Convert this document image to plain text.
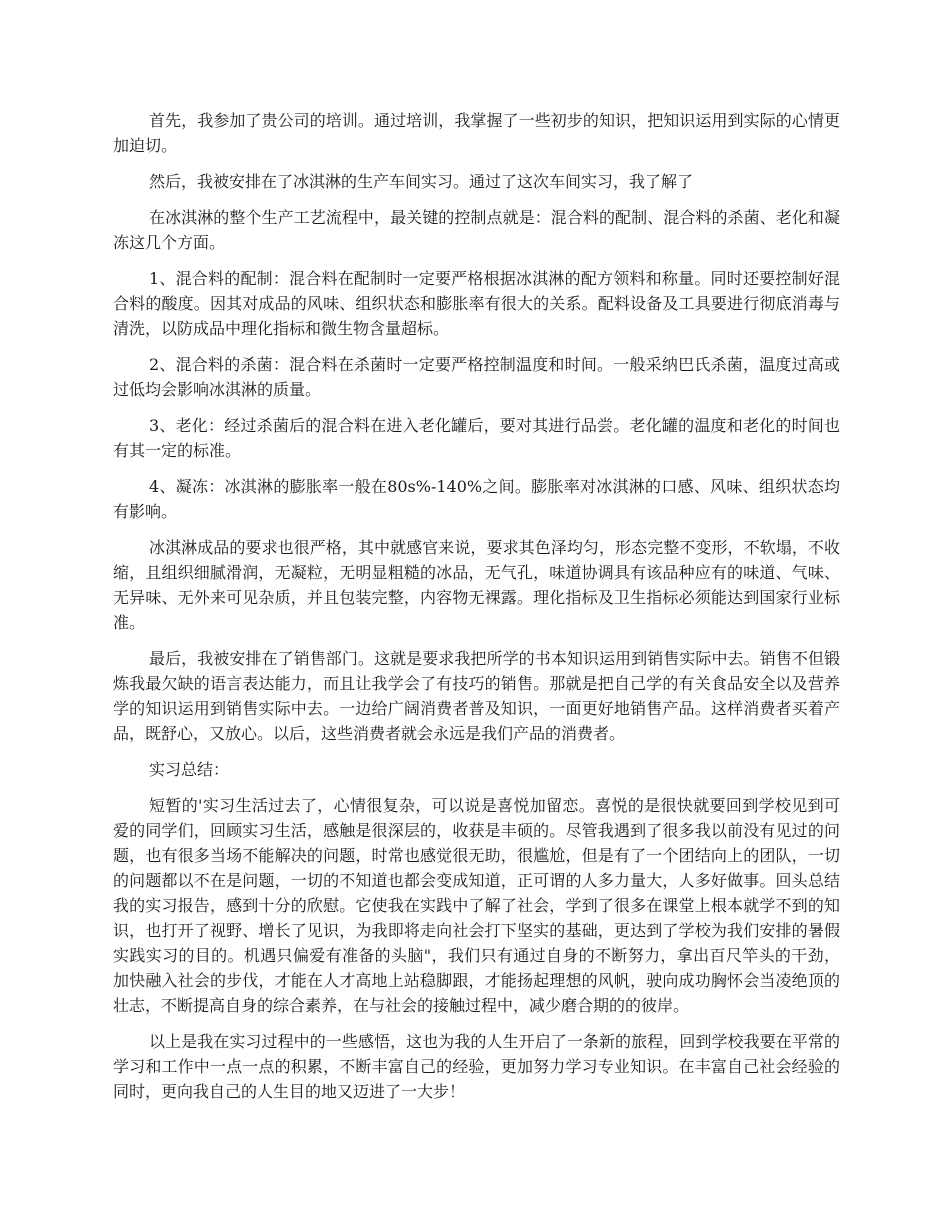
首先，我参加了贵公司的培训。通过培训，我掌握了一些初步的知识，把知识运用到实际的心情更加迫切。

然后，我被安排在了冰淇淋的生产车间实习。通过了这次车间实习，我了解了

在冰淇淋的整个生产工艺流程中，最关键的控制点就是：混合料的配制、混合料的杀菌、老化和凝冻这几个方面。

1、混合料的配制：混合料在配制时一定要严格根据冰淇淋的配方领料和称量。同时还要控制好混合料的酸度。因其对成品的风味、组织状态和膨胀率有很大的关系。配料设备及工具要进行彻底消毒与清洗，以防成品中理化指标和微生物含量超标。

2、混合料的杀菌：混合料在杀菌时一定要严格控制温度和时间。一般采纳巴氏杀菌，温度过高或过低均会影响冰淇淋的质量。

3、老化：经过杀菌后的混合料在进入老化罐后，要对其进行品尝。老化罐的温度和老化的时间也有其一定的标准。

4、凝冻：冰淇淋的膨胀率一般在80s%-140%之间。膨胀率对冰淇淋的口感、风味、组织状态均有影响。

冰淇淋成品的要求也很严格，其中就感官来说，要求其色泽均匀，形态完整不变形，不软塌，不收缩，且组织细腻滑润，无凝粒，无明显粗糙的冰品，无气孔，味道协调具有该品种应有的味道、气味、无异味、无外来可见杂质，并且包装完整，内容物无裸露。理化指标及卫生指标必须能达到国家行业标准。

最后，我被安排在了销售部门。这就是要求我把所学的书本知识运用到销售实际中去。销售不但锻炼我最欠缺的语言表达能力，而且让我学会了有技巧的销售。那就是把自己学的有关食品安全以及营养学的知识运用到销售实际中去。一边给广阔消费者普及知识，一面更好地销售产品。这样消费者买着产品，既舒心，又放心。以后，这些消费者就会永远是我们产品的消费者。

实习总结：

短暂的'实习生活过去了，心情很复杂，可以说是喜悦加留恋。喜悦的是很快就要回到学校见到可爱的同学们，回顾实习生活，感触是很深层的，收获是丰硕的。尽管我遇到了很多我以前没有见过的问题，也有很多当场不能解决的问题，时常也感觉很无助，很尴尬，但是有了一个团结向上的团队，一切的问题都以不在是问题，一切的不知道也都会变成知道，正可谓的人多力量大，人多好做事。回头总结我的实习报告，感到十分的欣慰。它使我在实践中了解了社会，学到了很多在课堂上根本就学不到的知识，也打开了视野、增长了见识，为我即将走向社会打下坚实的基础，更达到了学校为我们安排的暑假实践实习的目的。机遇只偏爱有准备的头脑"，我们只有通过自身的不断努力，拿出百尺竿头的干劲，加快融入社会的步伐，才能在人才高地上站稳脚跟，才能扬起理想的风帆，驶向成功胸怀会当凌绝顶的壮志，不断提高自身的综合素养，在与社会的接触过程中，减少磨合期的的彼岸。

以上是我在实习过程中的一些感悟，这也为我的人生开启了一条新的旅程，回到学校我要在平常的学习和工作中一点一点的积累，不断丰富自己的经验，更加努力学习专业知识。在丰富自己社会经验的同时，更向我自己的人生目的地又迈进了一大步！
